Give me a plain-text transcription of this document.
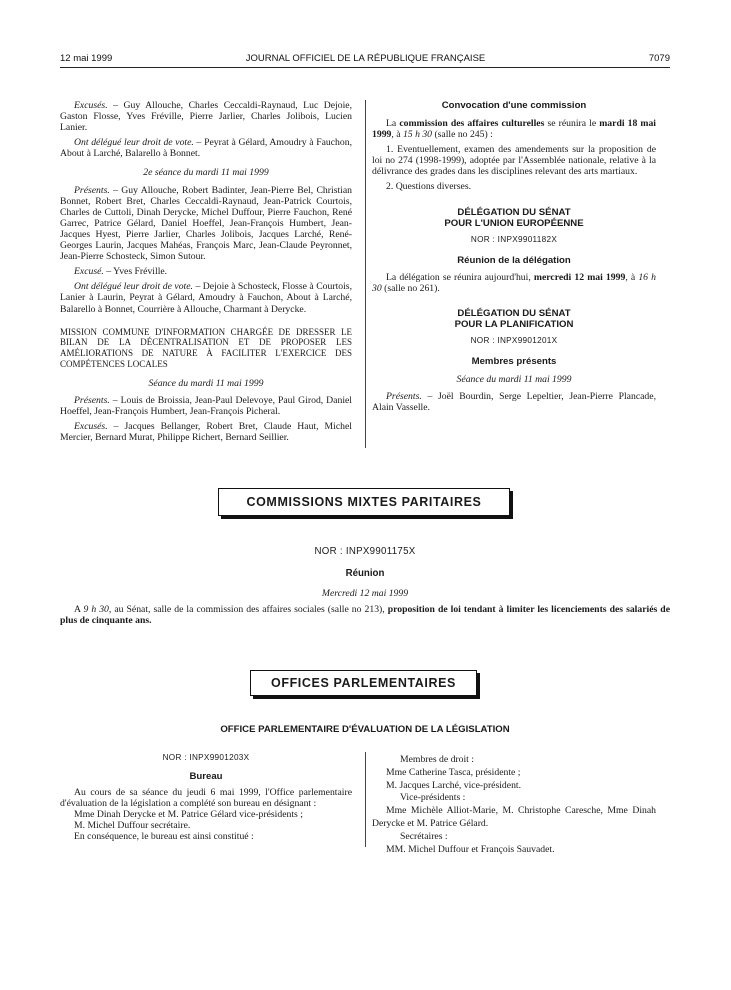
12 mai 1999	JOURNAL OFFICIEL DE LA RÉPUBLIQUE FRANÇAISE	7079

Excusés. – Guy Allouche, Charles Ceccaldi-Raynaud, Luc Dejoie, Gaston Flosse, Yves Fréville, Pierre Jarlier, Charles Jolibois, Lucien Lanier.

Ont délégué leur droit de vote. – Peyrat à Gélard, Amoudry à Fauchon, About à Larché, Balarello à Bonnet.

2e séance du mardi 11 mai 1999

Présents. – Guy Allouche, Robert Badinter, Jean-Pierre Bel, Christian Bonnet, Robert Bret, Charles Ceccaldi-Raynaud, Jean-Patrick Courtois, Charles de Cuttoli, Dinah Derycke, Michel Duffour, Pierre Fauchon, René Garrec, Patrice Gélard, Daniel Hoeffel, Jean-François Humbert, Jean-Jacques Hyest, Pierre Jarlier, Charles Jolibois, Jacques Larché, René-Georges Laurin, Jacques Mahéas, François Marc, Jean-Claude Peyronnet, Jean-Pierre Schosteck, Simon Sutour.

Excusé. – Yves Fréville.

Ont délégué leur droit de vote. – Dejoie à Schosteck, Flosse à Courtois, Lanier à Laurin, Peyrat à Gélard, Amoudry à Fauchon, About à Larché, Balarello à Bonnet, Courrière à Allouche, Charmant à Derycke.

MISSION COMMUNE D'INFORMATION CHARGÉE DE DRESSER LE BILAN DE LA DÉCENTRALISATION ET DE PROPOSER LES AMÉLIORATIONS DE NATURE À FACILITER L'EXERCICE DES COMPÉTENCES LOCALES

Séance du mardi 11 mai 1999

Présents. – Louis de Broissia, Jean-Paul Delevoye, Paul Girod, Daniel Hoeffel, Jean-François Humbert, Jean-François Picheral.

Excusés. – Jacques Bellanger, Robert Bret, Claude Haut, Michel Mercier, Bernard Murat, Philippe Richert, Bernard Seillier.

Convocation d'une commission

La commission des affaires culturelles se réunira le mardi 18 mai 1999, à 15 h 30 (salle no 245) :

1. Eventuellement, examen des amendements sur la proposition de loi no 274 (1998-1999), adoptée par l'Assemblée nationale, relative à la délivrance des grades dans les disciplines relevant des arts martiaux.

2. Questions diverses.

DÉLÉGATION DU SÉNAT
POUR L'UNION EUROPÉENNE
NOR : INPX9901182X
Réunion de la délégation

La délégation se réunira aujourd'hui, mercredi 12 mai 1999, à 16 h 30 (salle no 261).

DÉLÉGATION DU SÉNAT
POUR LA PLANIFICATION
NOR : INPX9901201X
Membres présents

Séance du mardi 11 mai 1999

Présents. – Joël Bourdin, Serge Lepeltier, Jean-Pierre Plancade, Alain Vasselle.

COMMISSIONS MIXTES PARITAIRES
NOR : INPX9901175X
Réunion
Mercredi 12 mai 1999

A 9 h 30, au Sénat, salle de la commission des affaires sociales (salle no 213), proposition de loi tendant à limiter les licenciements des salariés de plus de cinquante ans.

OFFICES PARLEMENTAIRES
OFFICE PARLEMENTAIRE D'ÉVALUATION DE LA LÉGISLATION
NOR : INPX9901203X
Bureau

Au cours de sa séance du jeudi 6 mai 1999, l'Office parlementaire d'évaluation de la législation a complété son bureau en désignant :

Mme Dinah Derycke et M. Patrice Gélard vice-présidents ;

M. Michel Duffour secrétaire.

En conséquence, le bureau est ainsi constitué :

Membres de droit :

Mme Catherine Tasca, présidente ;

M. Jacques Larché, vice-président.

Vice-présidents :

Mme Michèle Alliot-Marie, M. Christophe Caresche, Mme Dinah Derycke et M. Patrice Gélard.

Secrétaires :

MM. Michel Duffour et François Sauvadet.
